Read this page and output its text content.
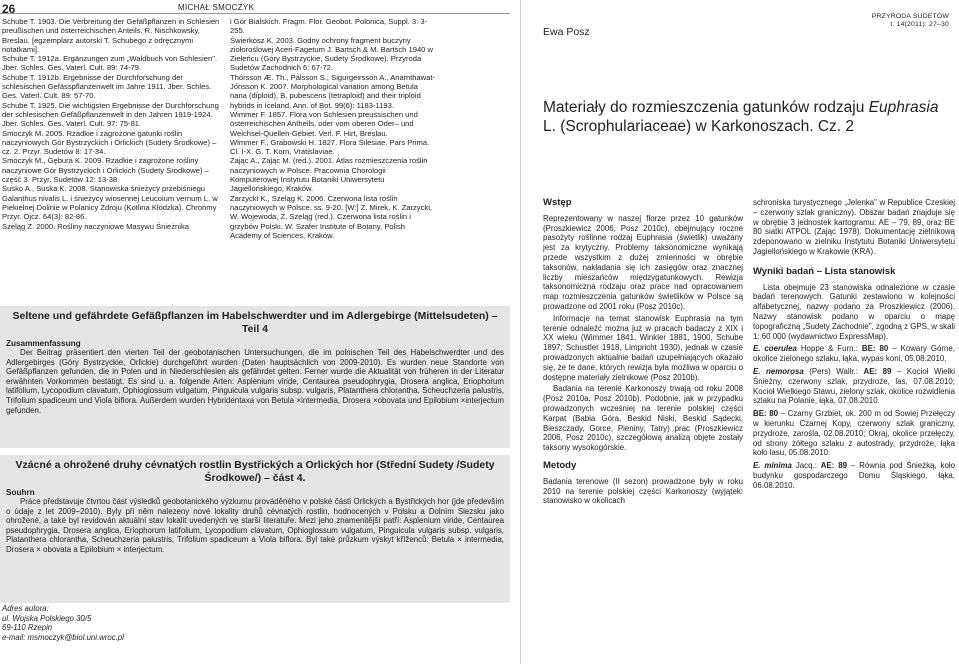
26	MICHAŁ SMOCZYK

Schube T. 1903. Die Verbreitung der Gefäßpflanzen in Schlesien preußischen und österreichischen Anteils. R. Nischkowsky, Breslau. [egzemplarz autorski T. Schubego z odręcznymi notatkami].

Schube T. 1912a. Ergänzungen zum „Waldbuch von Schlesien". Jber. Schles. Ges. Vaterl. Cult. 89: 74-79.

Schube T. 1912b. Ergebnisse der Durchforschung der schlesischen Gefässpflanzenwelt im Jahre 1911. Jber. Schles. Ges. Vaterl. Cult. 89: 57-70.

Schube T. 1925. Die wichtigsten Ergebnisse der Durchforschung der schlesischen Gefäßpflanzenwelt in den Jahren 1919-1924. Jber. Schles. Ges. Vaterl. Cult. 97: 75-81.

Smoczyk M. 2005. Rzadkie i zagrożone gatunki roślin naczyniowych Gór Bystrzyckich i Orlickich (Sudety Środkowe) – cz. 2. Przyr. Sudetów 8: 17-34.

Smoczyk M., Gębura K. 2009. Rzadkie i zagrożone rośliny naczyniowe Gór Bystrzyckich i Orlickich (Sudety Środkowe) – część 3. Przyr. Sudetów 12: 13-38.

Susko A., Suska K. 2008. Stanowiska śnieżycy przebiśniegu Galanthus nivalis L. i śnieżycy wiosennej Leucoium vernum L. w Piekielnej Dolinie w Polanicy Zdroju (Kotlina Kłodzka). Chrońmy Przyr. Ojcz. 64(3): 82-86.

Szeląg Z. 2000. Rośliny naczyniowe Masywu Śnieżnika

i Gór Bialskich. Fragm. Flor. Geobot. Polonica, Suppl. 3: 3-255.

Świerkosz K. 2003. Godny ochrony fragment buczyny ziołoroślowej Aceri-Fagetum J. Bartsch & M. Bartsch 1940 w Zieleńcu (Góry Bystrzyckie, Sudety Środkowe). Przyroda Sudetów Zachodnich 6: 67-72.

Thórsson Æ. Th., Pálsson S., Sigurgeirsson A., Anamthawat-Jónsson K. 2007. Morphological variation among Betula nana (diploid), B. pubescens (tetraploid) and their triploid hybrids in Iceland. Ann. of Bot. 99(6): 1183-1193.

Wimmer F. 1857. Flora von Schlesien preussischen und österreichischen Antheils, oder vom oberen Oder– und Weichsel-Quellen-Gebiet. Verl. F. Hirt, Breslau.

Wimmer F., Grabowski H. 1827. Flora Silesiae. Pars Prima. Cl. I-X. G. T. Korn, Vratislaviae.

Zając A., Zając M. (red.). 2001. Atlas rozmieszczenia roślin naczyniowych w Polsce. Pracownia Chorologii Komputerowej Instytutu Botaniki Uniwersytetu Jagiellońskiego, Kraków.

Zarzycki K., Szeląg K. 2006. Czerwona lista roślin naczyniowych w Polsce. ss. 9-20. [W:] Z. Mirek, K. Zarzycki, W. Wojewoda, Z. Szeląg (red.). Czerwona lista roślin i grzybów Polski. W. Szafer Institute of Botany, Polish Academy of Sciences, Kraków.

Seltene und gefährdete Gefäßpflanzen im Habelschwerdter und im Adlergebirge (Mittelsudeten) – Teil 4
Zusammenfassung
Der Beitrag präsentiert den vierten Teil der geobotanischen Untersuchungen, die im polnischen Teil des Habelschwerdter und des Adlergebirges (Góry Bystrzyckie, Orlickie) durchgeführt wurden (Daten hauptsächlich von 2009-2010). Es wurden neue Standorte von Gefäßpflanzen gefunden, die in Polen und in Niederschlesien als gefährdet gelten. Ferner wurde die Aktualität von früheren in der Literatur erwähnten Vorkommen bestätigt. Es sind u. a. folgende Arten: Asplenium viride, Centaurea pseudophrygia, Drosera anglica, Eriophorum latifolium, Lycopodium clavatum, Ophioglossum vulgatum, Pinguicula vulgaris subsp. vulgaris, Platanthera chlorantha, Scheuchzeria palustris, Trifolium spadiceum und Viola biflora. Außerdem wurden Hybridentaxa von Betula ×intermedia, Drosera ×obovata und Epilobium ×interjectum gefunden.
Vzácné a ohrožené druhy cévnatých rostlin Bystřických a Orlických hor (Střední Sudety /Sudety Środkowe/) – část 4.
Souhrn
Práce představuje čtvrtou část výsledků geobotanického výzkumu prováděného v polské části Orlických a Bystřických hor (jde především o údaje z let 2009–2010). Byly při něm nalezeny nové lokality druhů cévnatých rostlin, hodnocených v Polsku a Dolním Slezsku jako ohrožené, a také byl revidován aktuální stav lokalit uvedených ve starší literatuře. Mezi jeho znamenitější patří: Asplenium viride, Centaurea pseudophrygia, Drosera anglica, Eriophorum latifolium, Lycopodium clavatum, Ophioglossum vulgatum, Pinguicula vulgaris subsp. vulgaris, Platanthera chlorantha, Scheuchzeria palustris, Trifolium spadiceum a Viola biflora. Byl také průzkum výskyt kříženců: Betula × intermedia, Drosera × obovata a Epilobium × interjectum.
Adres autora:
ul. Wojska Polskiego 30/5
69-110 Rzepin
e-mail: msmoczyk@biol.uni.wroc.pl
PRZYRODA SUDETÓW
t. 14(2011): 27–30
Ewa Posz
Materiały do rozmieszczenia gatunków rodzaju Euphrasia L. (Scrophulariaceae) w Karkonoszach. Cz. 2
Wstęp

Reprezentowany w naszej florze przez 10 gatunków (Proszkiewicz 2006, Posz 2010c), obejmujący roczne pasożyty roślinne rodzaj Euphrasia (świetlik) uważany jest za krytyczny. Problemy taksonomiczne wynikają przede wszystkim z dużej zmienności w obrębie taksonów, nakładania się ich zasięgów oraz znacznej liczby mieszańców międzygatunkowych. Rewizja taksonomiczna rodzaju oraz prace nad opracowaniem map rozmieszczenia gatunków świetlików w Polsce są prowadzone od 2001 roku (Posz 2010c).

Informacje na temat stanowisk Euphrasia na tym terenie odnaleźć można już w pracach badaczy z XIX i XX wieku (Wimmer 1841, Winkler 1881, 1900, Schube 1897, Schustler 1918, Limpricht 1930), jednak w czasie prowadzonych aktualnie badań uzupełniających okazało się, że te dane, których rewizja była możliwa w oparciu o dostępne materiały zielnikowe (Posz 2010b).

Badania na terenie Karkonoszy trwają od roku 2008 (Posz 2010a, Posz 2010b). Podobnie, jak w przypadku prowadzonych wcześniej na terenie polskiej części Karpat (Babia Góra, Beskid Niski, Beskid Sądecki, Bieszczady, Gorce, Pieniny, Tatry) prac (Proszkiewicz 2006, Posz 2010c), szczegółową analizą objęte zostały taksony wysokogórskie.

Metody

Badania terenowe (II sezon) prowadzone były w roku 2010 na terenie polskiej części Karkonoszy (wyjątek: stanowisko w okolicach

schroniska turystycznego „Jelenka" w Republice Czeskiej – czerwony szlak graniczny). Obszar badań znajduje się w obrębie 3 jednostek kartogramu: AE – 79, 89, oraz BE 80 siatki ATPOL (Zając 1978). Dokumentację zielnikową zdeponowano w zielniku Instytutu Botaniki Uniwersytetu Jagiellońskiego w Krakowie (KRA).

Wyniki badań – Lista stanowisk

Lista obejmuje 23 stanowiska odnalezione w czasie badań terenowych. Gatunki zestawiono w kolejności alfabetycznej, nazwy podano za Proszkiewicz (2006). Nazwy stanowisk podano w oparciu o mapę topograficzną „Sudety Zachodnie", zgodną z GPS, w skali 1: 60 000 (wydawnictwo ExpressMap).

E. coerulea Hoppe & Furn.: BE: 80 – Kowary Górne, okolice zielonego szlaku, łąka, wypas koni, 05.08.2010.

E. nemorosa (Pers) Wallr.: AE: 89 – Kocioł Wielki Śnieżny, czerwony szlak, przydroże, las, 07.08.2010; Kocioł Wielkiego Stawu, zielony szlak, okolice rozwidlenia szlaku na Polanie, łąka, 07.08.2010.

BE: 80 – Czarny Grzbiet, ok. 200 m od Sowiej Przełęczy w kierunku Czarnej Kopy, czerwony szlak graniczny, przydroże, zarośla, 02.08.2010; Okraj, okolice przełęczy, od strony żółtego szlaku z autostrady, przydroże, łąka koło lasu, 05.08.2010.

E. minima Jacq.: AE: 89 – Równia pod Śnieżką, koło budynku gospodarczego Domu Śląskiego, łąka, 06.08.2010.
